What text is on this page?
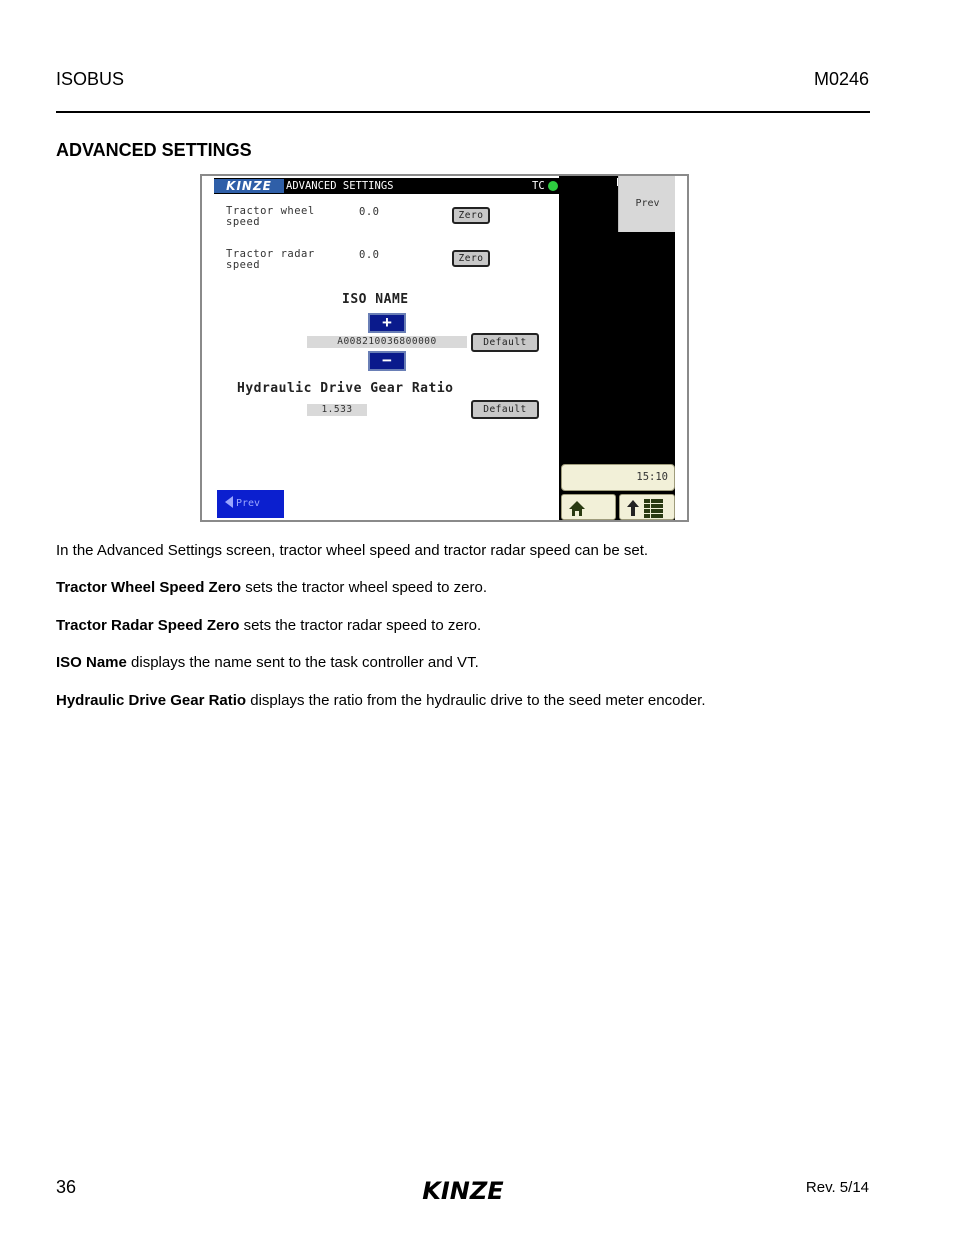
ISOBUS	M0246
ADVANCED SETTINGS
KINZE	ADVANCED SETTINGS	TC
Tractor wheel
speed
0.0	Zero
Tractor radar
speed
0.0	Zero
ISO NAME
+
A008210036800000	Default
−
Hydraulic Drive Gear Ratio
1.533	Default
Prev
Prev
15:10
In the Advanced Settings screen, tractor wheel speed and tractor radar speed can be set.
Tractor Wheel Speed Zero sets the tractor wheel speed to zero.
Tractor Radar Speed Zero sets the tractor radar speed to zero.
ISO Name displays the name sent to the task controller and VT.
Hydraulic Drive Gear Ratio displays the ratio from the hydraulic drive to the seed meter encoder.
36	KINZE	Rev. 5/14
